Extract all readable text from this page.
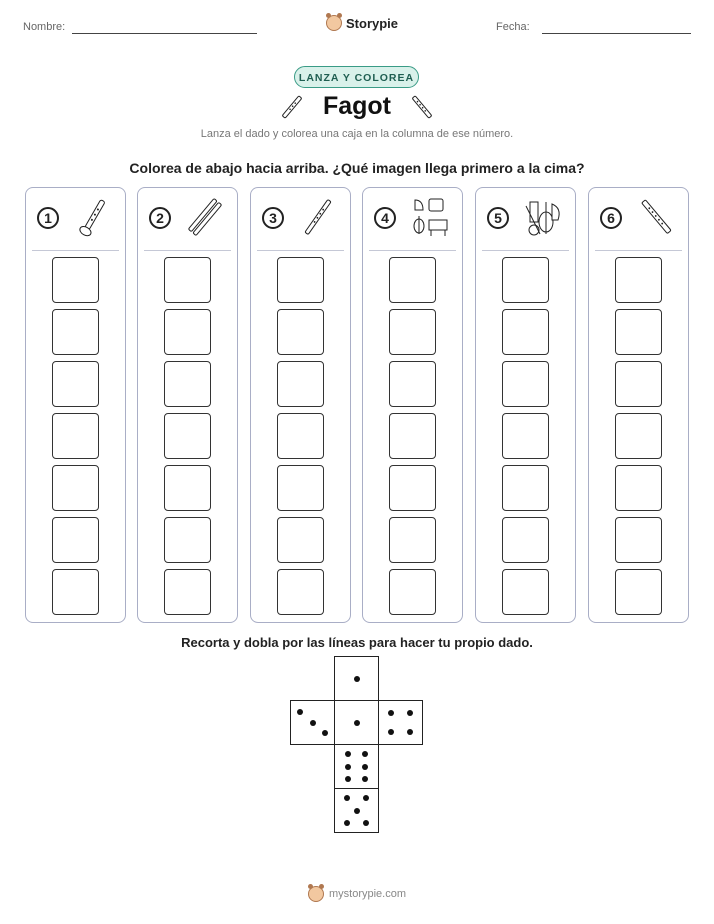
Nombre:	Storypie	Fecha:
LANZA Y COLOREA
Fagot
Lanza el dado y colorea una caja en la columna de ese número.
Colorea de abajo hacia arriba. ¿Qué imagen llega primero a la cima?
1	2	3	4	5	6
Recorta y dobla por las líneas para hacer tu propio dado.
mystorypie.com
